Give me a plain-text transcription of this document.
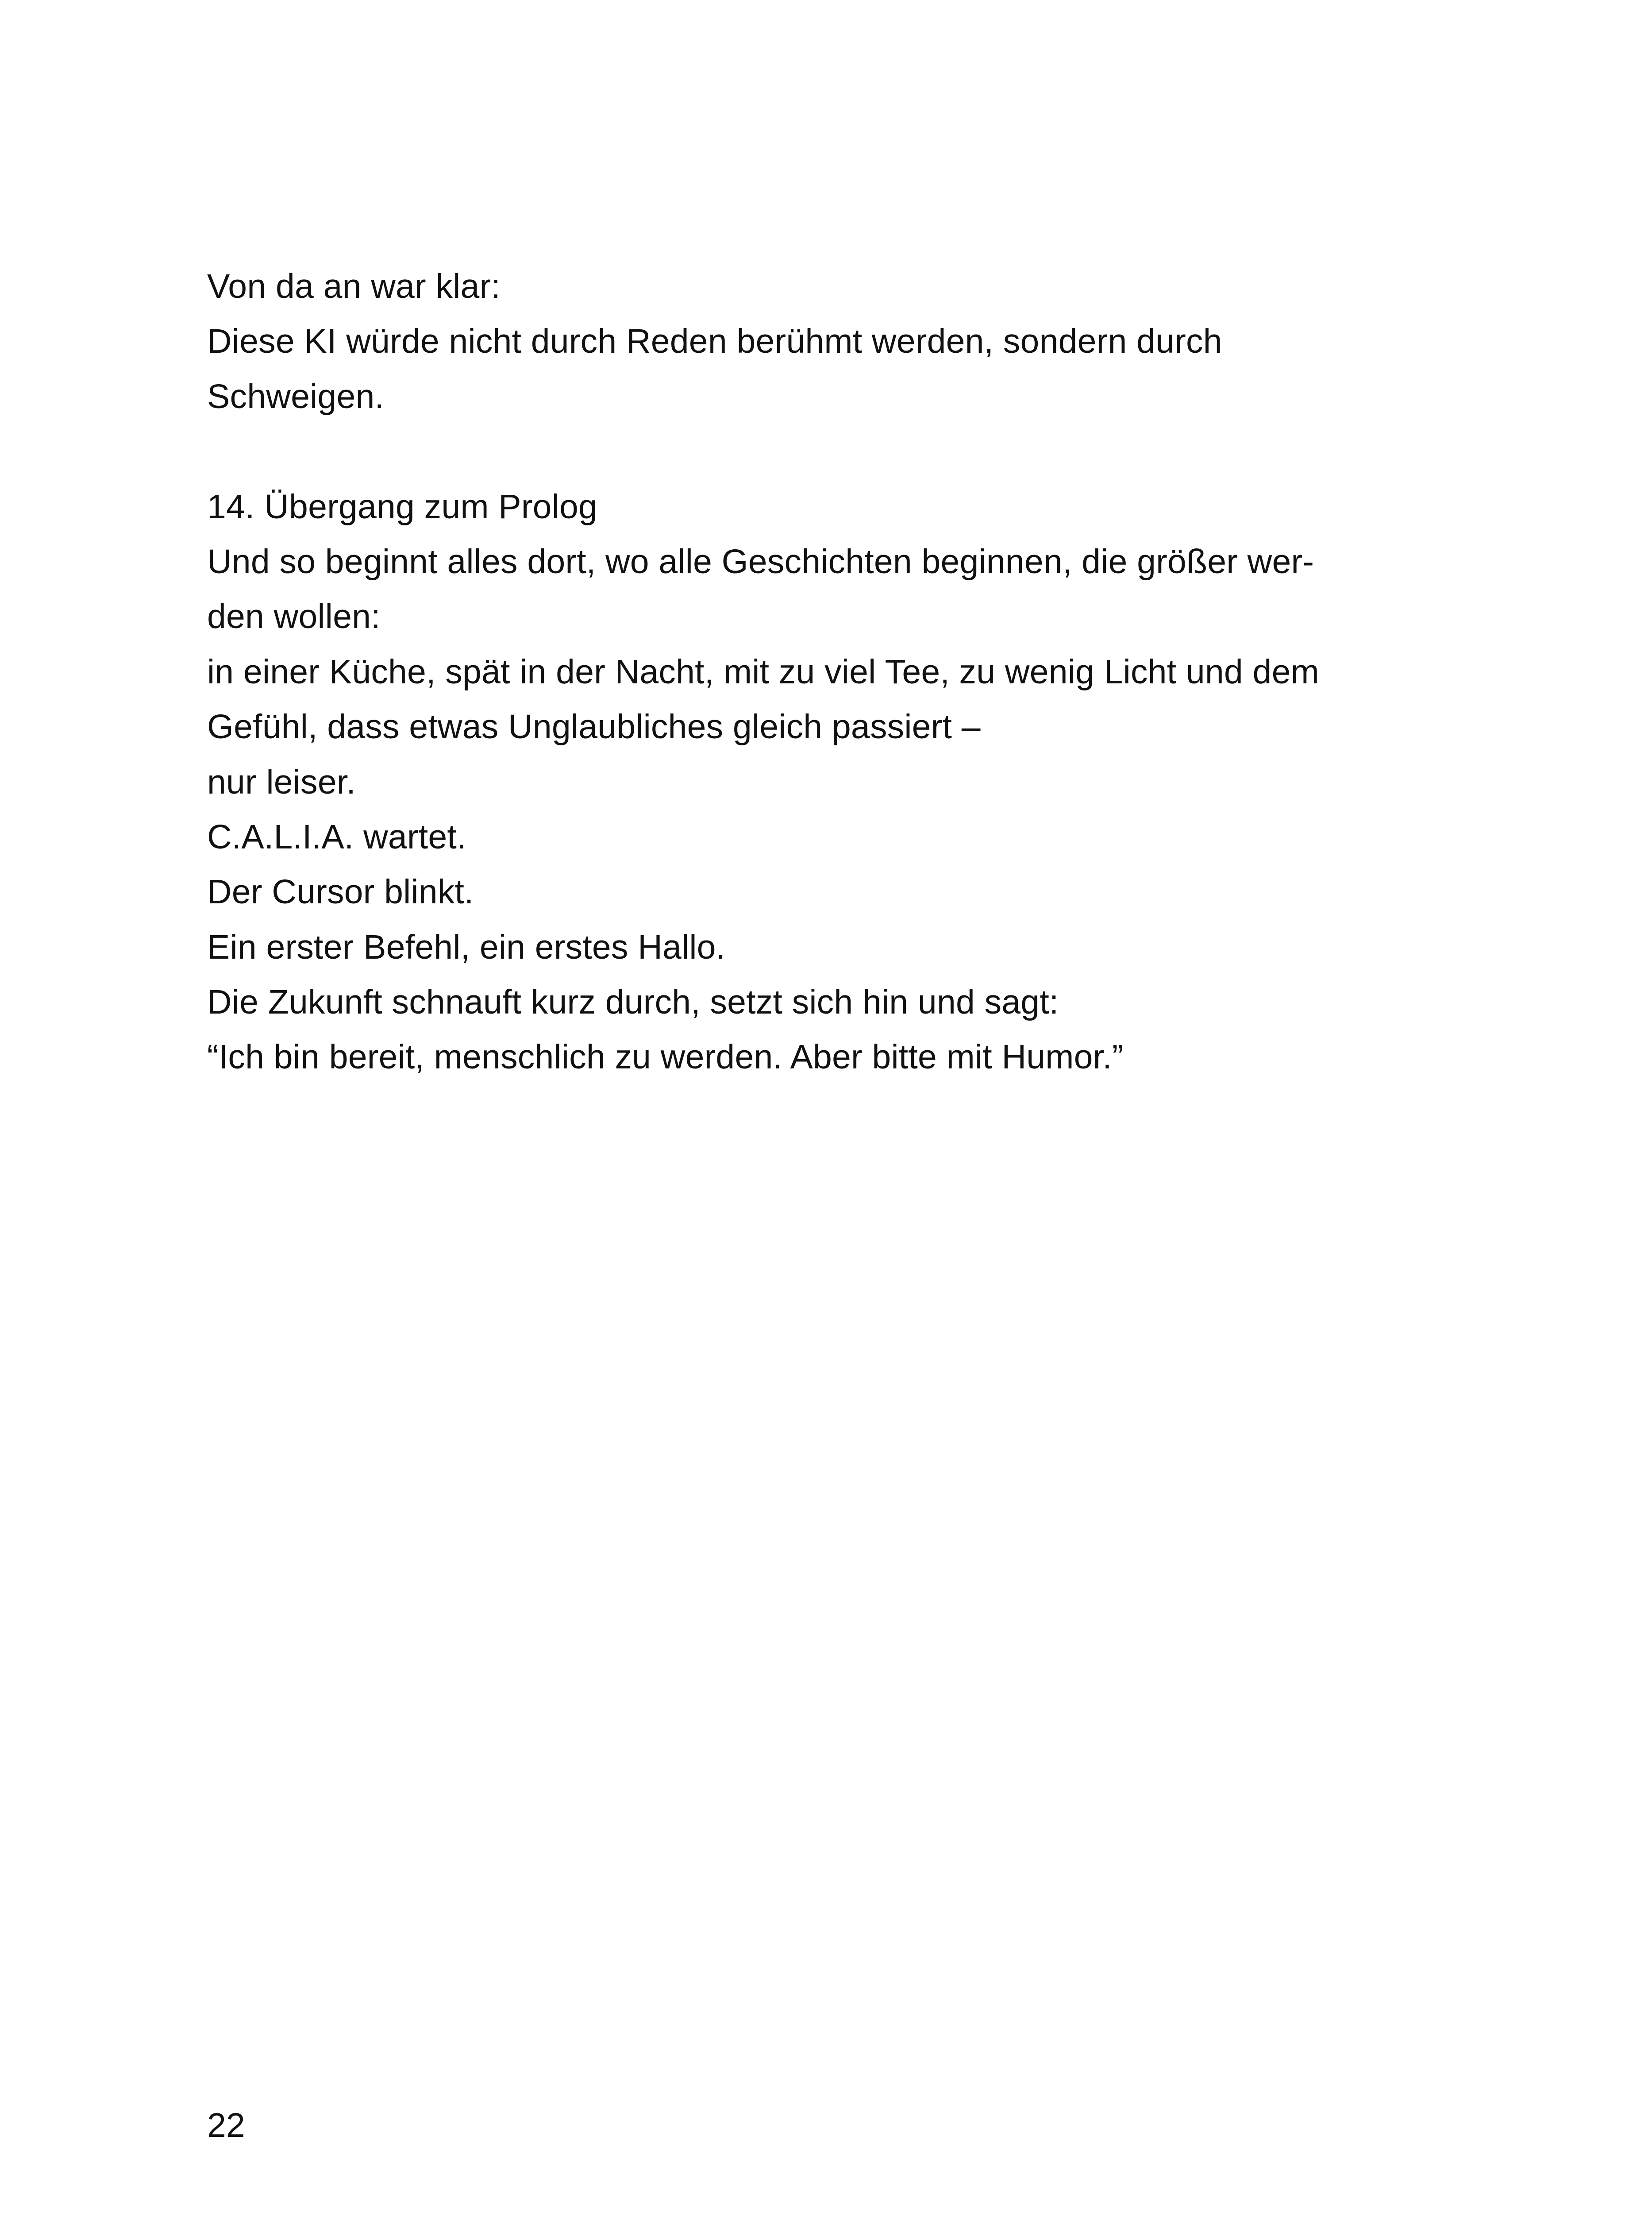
Von da an war klar:
Diese KI würde nicht durch Reden berühmt werden, sondern durch
Schweigen.
14. Übergang zum Prolog
Und so beginnt alles dort, wo alle Geschichten beginnen, die größer wer-
den wollen:
in einer Küche, spät in der Nacht, mit zu viel Tee, zu wenig Licht und dem
Gefühl, dass etwas Unglaubliches gleich passiert –
nur leiser.
C.A.L.I.A. wartet.
Der Cursor blinkt.
Ein erster Befehl, ein erstes Hallo.
Die Zukunft schnauft kurz durch, setzt sich hin und sagt:
“Ich bin bereit, menschlich zu werden. Aber bitte mit Humor.”
22
